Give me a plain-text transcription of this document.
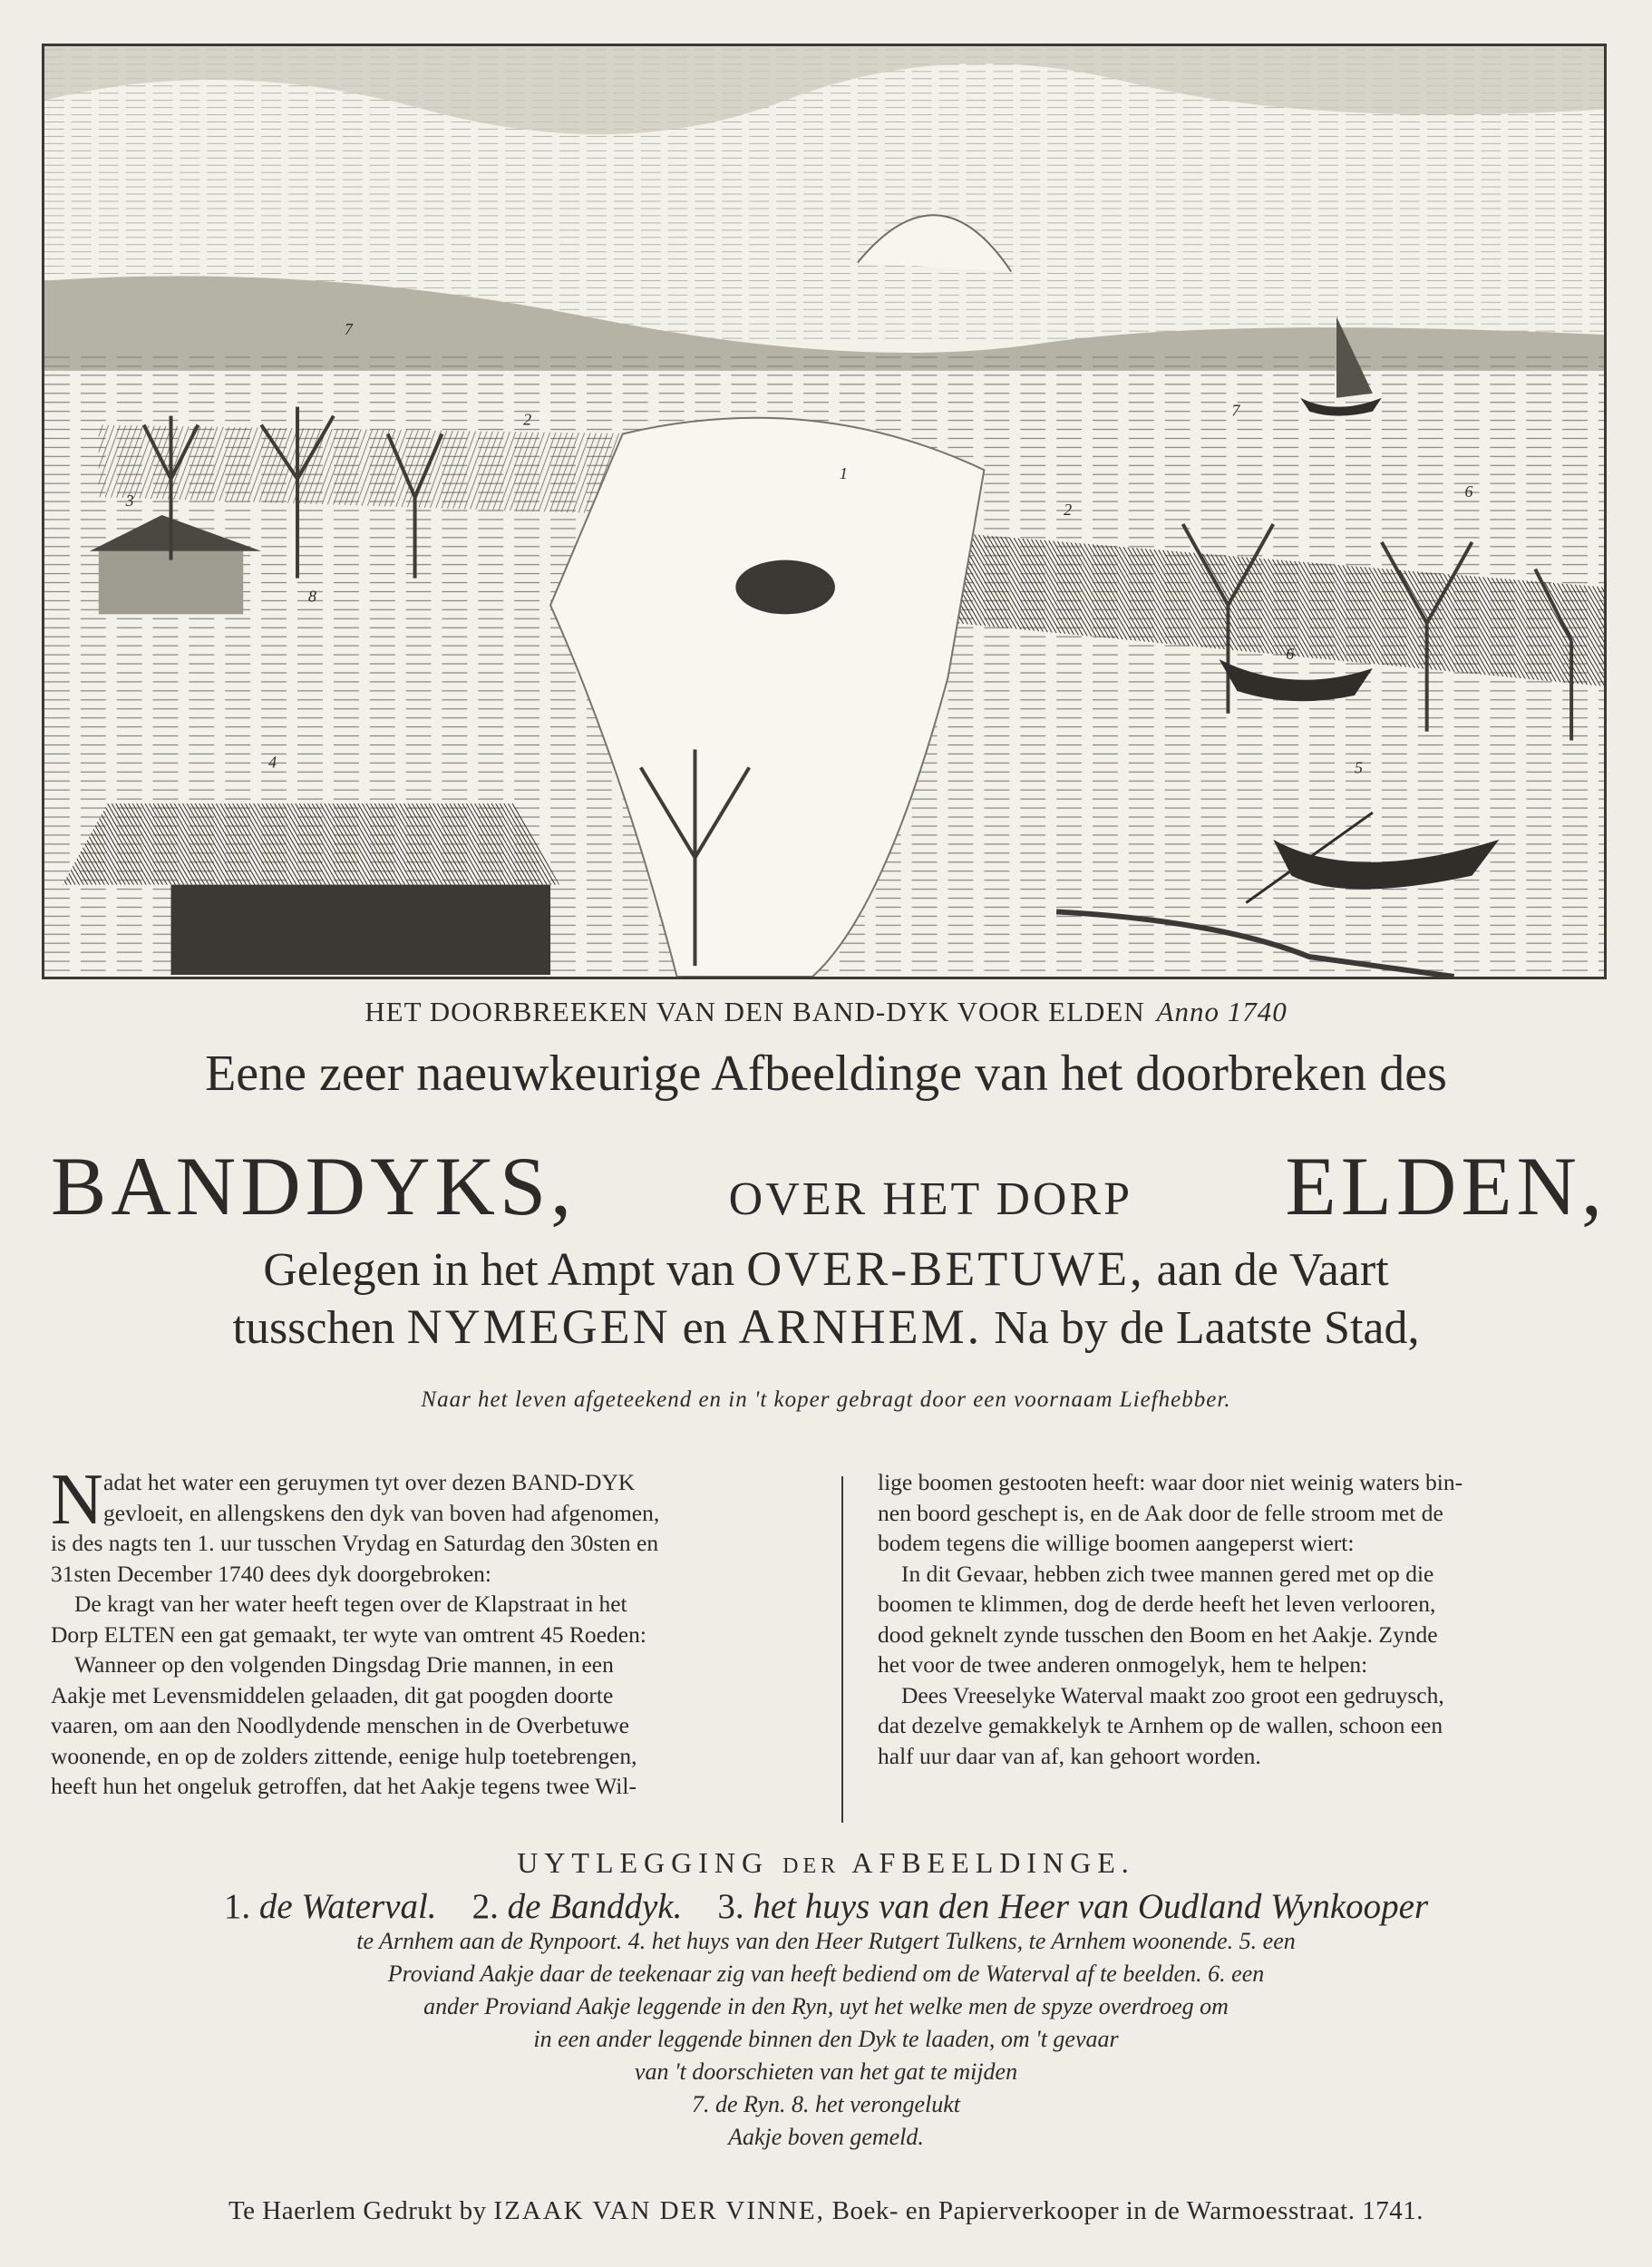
1
2
2
3
4	5
6
6
7
7
8
HET DOORBREEKEN VAN DEN BAND-DYK VOOR ELDEN Anno 1740
Eene zeer naeuwkeurige Afbeeldinge van het doorbreken des
BANDDYKS,	OVER HET DORP ELDEN,
Gelegen in het Ampt van OVER-BETUWE, aan de Vaart
tusschen NYMEGEN en ARNHEM. Na by de Laatste Stad,
Naar het leven afgeteekend en in 't koper gebragt door een voornaam Liefhebber.
N adat het water een geruymen tyt over dezen BAND-DYK

gevloeit, en allengskens den dyk van boven had afgenomen,

is des nagts ten 1. uur tusschen Vrydag en Saturdag den 30sten en

31sten December 1740 dees dyk doorgebroken:

De kragt van her water heeft tegen over de Klapstraat in het

Dorp ELTEN een gat gemaakt, ter wyte van omtrent 45 Roeden:

Wanneer op den volgenden Dingsdag Drie mannen, in een

Aakje met Levensmiddelen gelaaden, dit gat poogden doorte

vaaren, om aan den Noodlydende menschen in de Overbetuwe

woonende, en op de zolders zittende, eenige hulp toetebrengen,

heeft hun het ongeluk getroffen, dat het Aakje tegens twee Wil-

lige boomen gestooten heeft: waar door niet weinig waters bin-

nen boord geschept is, en de Aak door de felle stroom met de

bodem tegens die willige boomen aangeperst wiert:

In dit Gevaar, hebben zich twee mannen gered met op die

boomen te klimmen, dog de derde heeft het leven verlooren,

dood geknelt zynde tusschen den Boom en het Aakje. Zynde

het voor de twee anderen onmogelyk, hem te helpen:

Dees Vreeselyke Waterval maakt zoo groot een gedruysch,

dat dezelve gemakkelyk te Arnhem op de wallen, schoon een

half uur daar van af, kan gehoort worden.

UYTLEGGING DER AFBEELDINGE.
1. de Waterval. 2. de Banddyk. 3. het huys van den Heer van Oudland Wynkooper
te Arnhem aan de Rynpoort. 4. het huys van den Heer Rutgert Tulkens, te Arnhem woonende. 5. een
Proviand Aakje daar de teekenaar zig van heeft bediend om de Waterval af te beelden. 6. een
ander Proviand Aakje leggende in den Ryn, uyt het welke men de spyze overdroeg om
in een ander leggende binnen den Dyk te laaden, om 't gevaar
van 't doorschieten van het gat te mijden
7. de Ryn. 8. het verongelukt
Aakje boven gemeld.
Te Haerlem Gedrukt by IZAAK VAN DER VINNE, Boek- en Papierverkooper in de Warmoesstraat. 1741.
